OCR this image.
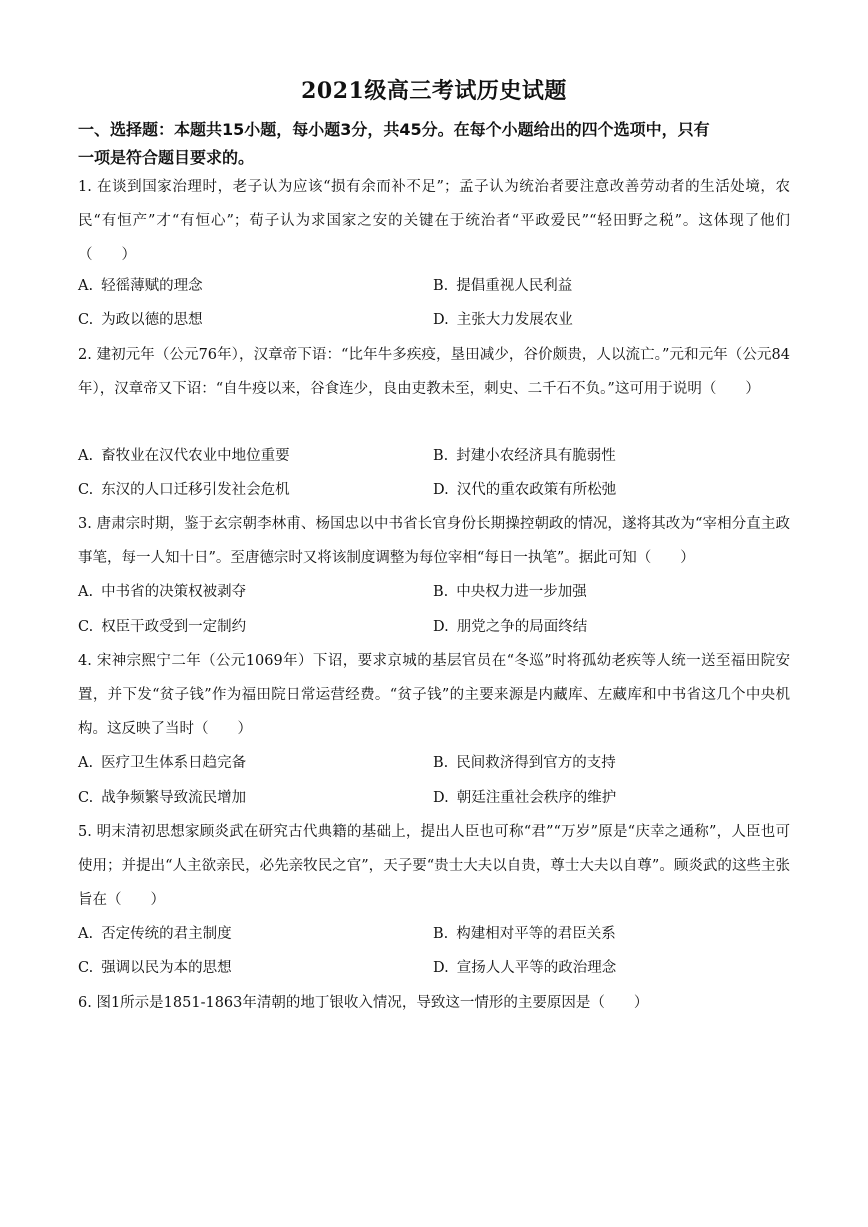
2021级高三考试历史试题
一、选择题：本题共15小题，每小题3分，共45分。在每个小题给出的四个选项中，只有
一项是符合题目要求的。
1. 在谈到国家治理时，老子认为应该“损有余而补不足”；孟子认为统治者要注意改善劳动者的生活处境，农民“有恒产”才“有恒心”；荀子认为求国家之安的关键在于统治者“平政爱民”“轻田野之税”。这体现了他们（　　）
A. 轻徭薄赋的理念	B. 提倡重视人民利益
C. 为政以德的思想	D. 主张大力发展农业
2. 建初元年（公元76年），汉章帝下语：“比年牛多疾疫，垦田减少，谷价颇贵，人以流亡。”元和元年（公元84年），汉章帝又下诏：“自牛疫以来，谷食连少，良由吏教未至，刺史、二千石不负。”这可用于说明（　　）
A. 畜牧业在汉代农业中地位重要	B. 封建小农经济具有脆弱性
C. 东汉的人口迁移引发社会危机	D. 汉代的重农政策有所松弛
3. 唐肃宗时期，鉴于玄宗朝李林甫、杨国忠以中书省长官身份长期操控朝政的情况，遂将其改为“宰相分直主政事笔，每一人知十日”。至唐德宗时又将该制度调整为每位宰相“每日一执笔”。据此可知（　　）
A. 中书省的决策权被剥夺	B. 中央权力进一步加强
C. 权臣干政受到一定制约	D. 朋党之争的局面终结
4. 宋神宗熙宁二年（公元1069年）下诏，要求京城的基层官员在“冬巡”时将孤幼老疾等人统一送至福田院安置，并下发“贫子钱”作为福田院日常运营经费。“贫子钱”的主要来源是内藏库、左藏库和中书省这几个中央机构。这反映了当时（　　）
A. 医疗卫生体系日趋完备	B. 民间救济得到官方的支持
C. 战争频繁导致流民增加	D. 朝廷注重社会秩序的维护
5. 明末清初思想家顾炎武在研究古代典籍的基础上，提出人臣也可称“君”“万岁”原是“庆幸之通称”，人臣也可使用；并提出“人主欲亲民，必先亲牧民之官”，天子要“贵士大夫以自贵，尊士大夫以自尊”。顾炎武的这些主张旨在（　　）
A. 否定传统的君主制度	B. 构建相对平等的君臣关系
C. 强调以民为本的思想	D. 宣扬人人平等的政治理念
6. 图1所示是1851-1863年清朝的地丁银收入情况，导致这一情形的主要原因是（　　）
